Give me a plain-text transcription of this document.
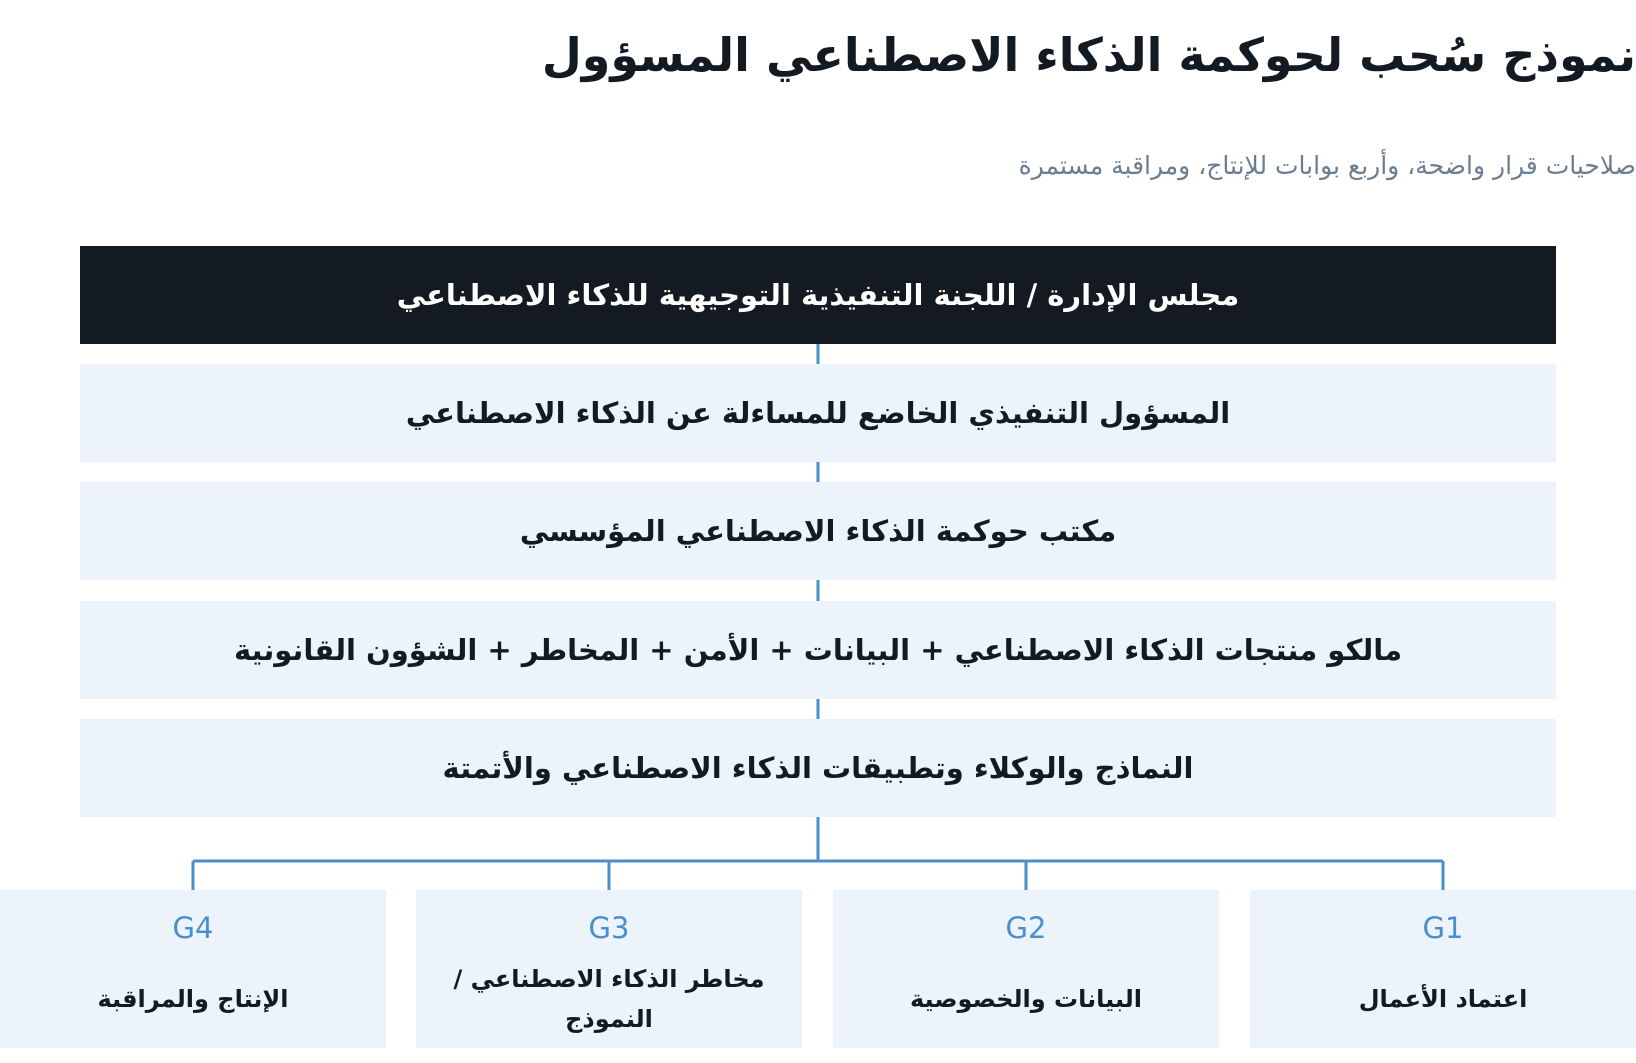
نموذج سُحب لحوكمة الذكاء الاصطناعي المسؤول
صلاحيات قرار واضحة، وأربع بوابات للإنتاج، ومراقبة مستمرة
مجلس الإدارة / اللجنة التنفيذية التوجيهية للذكاء الاصطناعي
المسؤول التنفيذي الخاضع للمساءلة عن الذكاء الاصطناعي
مكتب حوكمة الذكاء الاصطناعي المؤسسي
مالكو منتجات الذكاء الاصطناعي + البيانات + الأمن + المخاطر + الشؤون القانونية
النماذج والوكلاء وتطبيقات الذكاء الاصطناعي والأتمتة
G1
اعتماد الأعمال
G2
البيانات والخصوصية
G3
مخاطر الذكاء الاصطناعي / النموذج
G4
الإنتاج والمراقبة
